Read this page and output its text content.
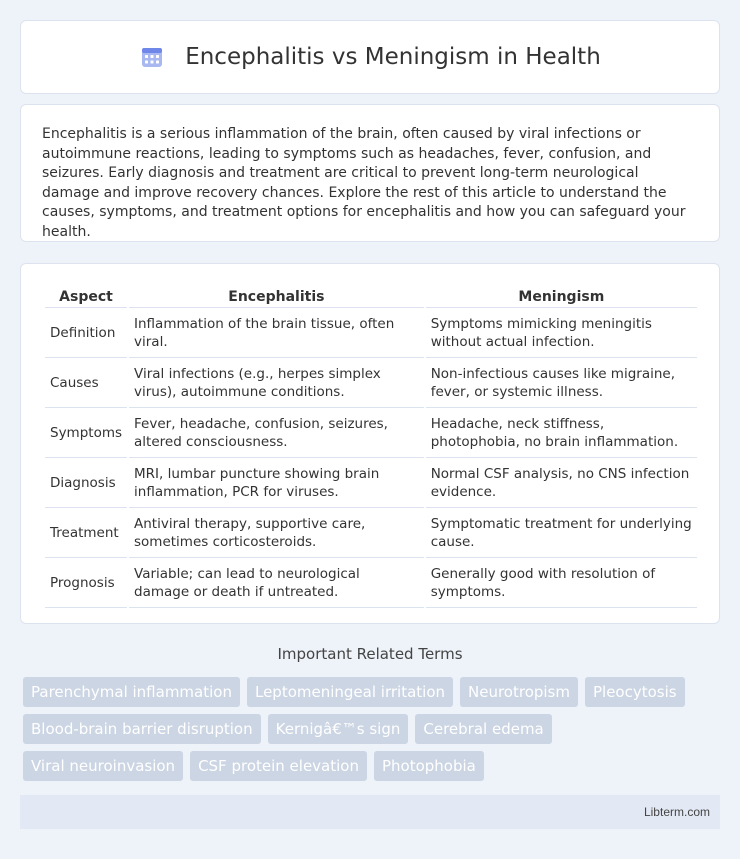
Encephalitis vs Meningism in Health

Encephalitis is a serious inflammation of the brain, often caused by viral infections or autoimmune reactions, leading to symptoms such as headaches, fever, confusion, and seizures. Early diagnosis and treatment are critical to prevent long-term neurological damage and improve recovery chances. Explore the rest of this article to understand the causes, symptoms, and treatment options for encephalitis and how you can safeguard your health.

Aspect	Encephalitis	Meningism
Definition	Inflammation of the brain tissue, often viral.	Symptoms mimicking meningitis without actual infection.
Causes	Viral infections (e.g., herpes simplex virus), autoimmune conditions.	Non-infectious causes like migraine, fever, or systemic illness.
Symptoms	Fever, headache, confusion, seizures, altered consciousness.	Headache, neck stiffness, photophobia, no brain inflammation.
Diagnosis	MRI, lumbar puncture showing brain inflammation, PCR for viruses.	Normal CSF analysis, no CNS infection evidence.
Treatment	Antiviral therapy, supportive care, sometimes corticosteroids.	Symptomatic treatment for underlying cause.
Prognosis	Variable; can lead to neurological damage or death if untreated.	Generally good with resolution of symptoms.
Important Related Terms
Parenchymal inflammation	Leptomeningeal irritation	Neurotropism	Pleocytosis
Blood-brain barrier disruption	Kernigâ€™s sign	Cerebral edema
Viral neuroinvasion	CSF protein elevation	Photophobia
Libterm.com
